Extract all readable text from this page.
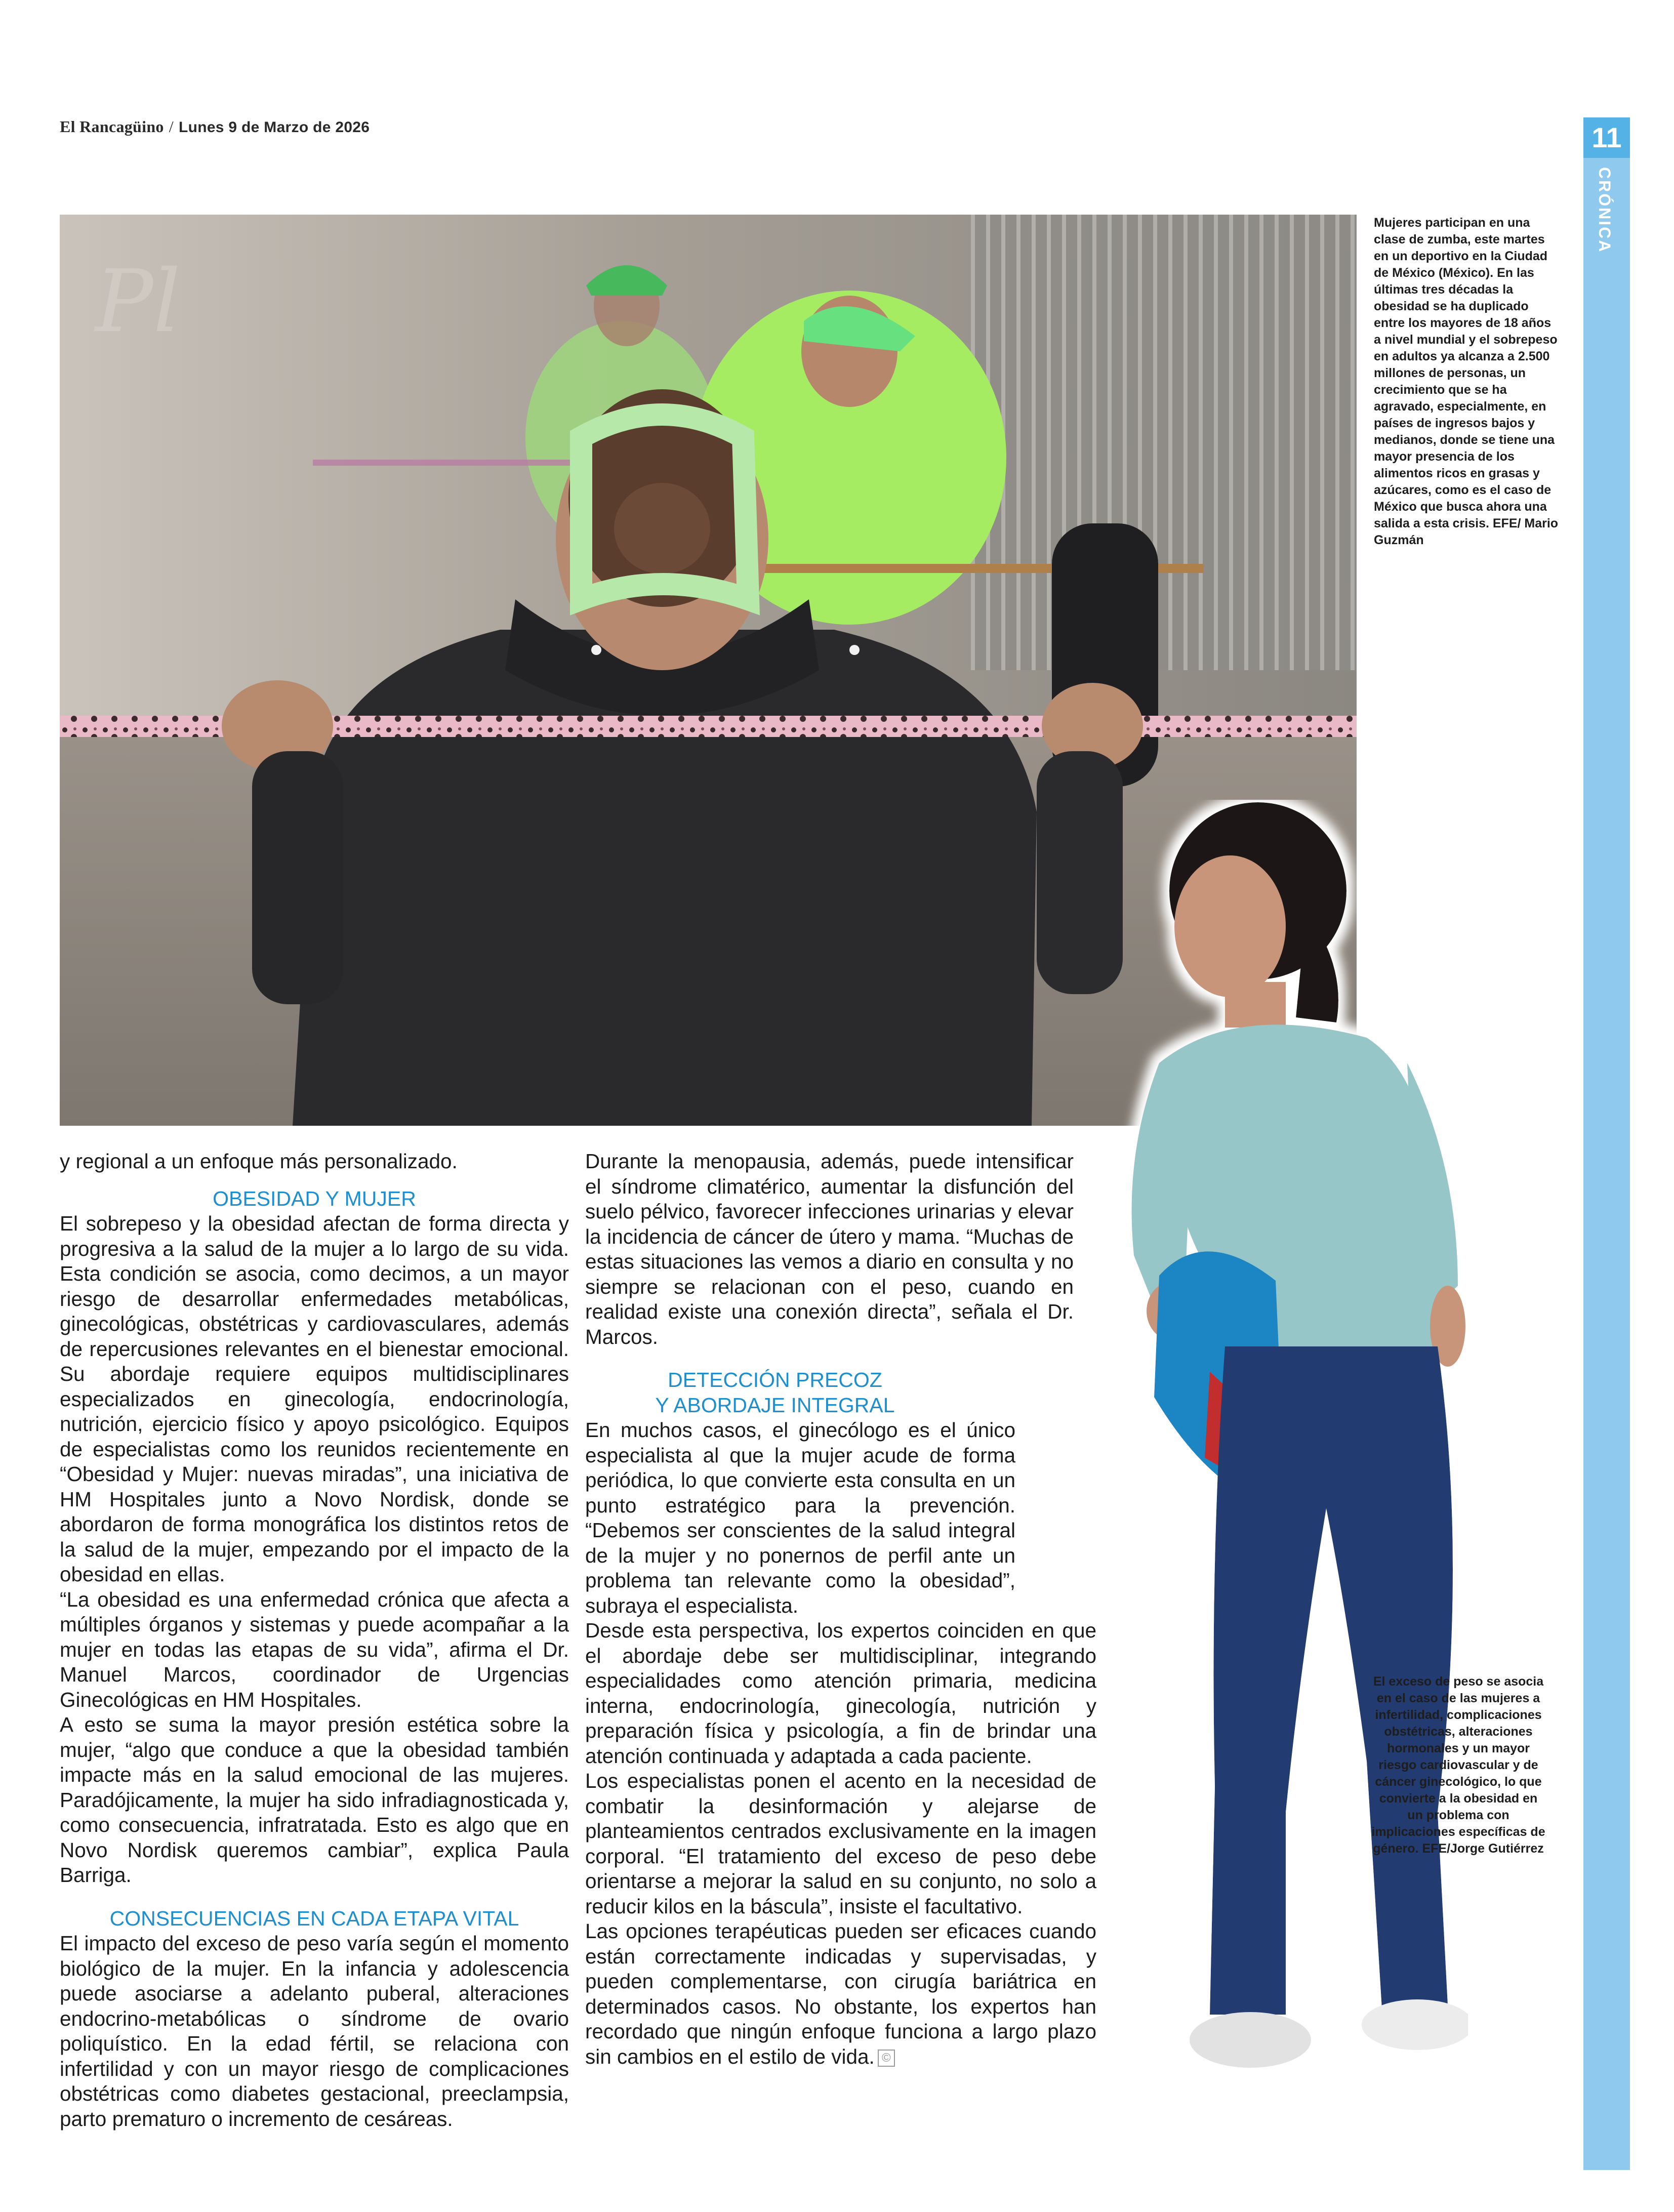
El Rancagüino / Lunes 9 de Marzo de 2026	11
CRÓNICA
Pl
Mujeres participan en una clase de zumba, este martes en un deportivo en la Ciudad de México (México). En las últimas tres décadas la obesidad se ha duplicado entre los mayores de 18 años a nivel mundial y el sobrepeso en adultos ya alcanza a 2.500 millones de personas, un crecimiento que se ha agravado, especialmente, en países de ingresos bajos y medianos, donde se tiene una mayor presencia de los alimentos ricos en grasas y azúcares, como es el caso de México que busca ahora una salida a esta crisis. EFE/ Mario Guzmán
El exceso de peso se asocia en el caso de las mujeres a infertilidad, complicaciones obstétricas, alteraciones hormonales y un mayor riesgo cardiovascular y de cáncer ginecológico, lo que convierte a la obesidad en un problema con implicaciones específicas de género. EFE/Jorge Gutiérrez

y regional a un enfoque más personalizado.

OBESIDAD Y MUJER

El sobrepeso y la obesidad afectan de forma directa y progresiva a la salud de la mujer a lo largo de su vida. Esta condición se asocia, como decimos, a un mayor riesgo de desarrollar enfermedades metabólicas, ginecológicas, obstétricas y cardiovasculares, además de repercusiones relevantes en el bienestar emocional. Su abordaje requiere equipos multidisciplinares especializados en ginecología, endocrinología, nutrición, ejercicio físico y apoyo psicológico. Equipos de especialistas como los reunidos recientemente en “Obesidad y Mujer: nuevas miradas”, una iniciativa de HM Hospitales junto a Novo Nordisk, donde se abordaron de forma monográfica los distintos retos de la salud de la mujer, empezando por el impacto de la obesidad en ellas.

“La obesidad es una enfermedad crónica que afecta a múltiples órganos y sistemas y puede acompañar a la mujer en todas las etapas de su vida”, afirma el Dr. Manuel Marcos, coordinador de Urgencias Ginecológicas en HM Hospitales.

A esto se suma la mayor presión estética sobre la mujer, “algo que conduce a que la obesidad también impacte más en la salud emocional de las mujeres. Paradójicamente, la mujer ha sido infradiagnosticada y, como consecuencia, infratratada. Esto es algo que en Novo Nordisk queremos cambiar”, explica Paula Barriga.

CONSECUENCIAS EN CADA ETAPA VITAL

El impacto del exceso de peso varía según el momento biológico de la mujer. En la infancia y adolescencia puede asociarse a adelanto puberal, alteraciones endocrino-metabólicas o síndrome de ovario poliquístico. En la edad fértil, se relaciona con infertilidad y con un mayor riesgo de complicaciones obstétricas como diabetes gestacional, preeclampsia, parto prematuro o incremento de cesáreas.

Durante la menopausia, además, puede intensificar el síndrome climatérico, aumentar la disfunción del suelo pélvico, favorecer infecciones urinarias y elevar la incidencia de cáncer de útero y mama. “Muchas de estas situaciones las vemos a diario en consulta y no siempre se relacionan con el peso, cuando en realidad existe una conexión directa”, señala el Dr. Marcos.

DETECCIÓN PRECOZ
Y ABORDAJE INTEGRAL

En muchos casos, el ginecólogo es el único especialista al que la mujer acude de forma periódica, lo que convierte esta consulta en un punto estratégico para la prevención. “Debemos ser conscientes de la salud integral de la mujer y no ponernos de perfil ante un problema tan relevante como la obesidad”, subraya el especialista.

Desde esta perspectiva, los expertos coinciden en que el abordaje debe ser multidisciplinar, integrando especialidades como atención primaria, medicina interna, endocrinología, ginecología, nutrición y preparación física y psicología, a fin de brindar una atención continuada y adaptada a cada paciente.

Los especialistas ponen el acento en la necesidad de combatir la desinformación y alejarse de planteamientos centrados exclusivamente en la imagen corporal. “El tratamiento del exceso de peso debe orientarse a mejorar la salud en su conjunto, no solo a reducir kilos en la báscula”, insiste el facultativo.

Las opciones terapéuticas pueden ser eficaces cuando están correctamente indicadas y supervisadas, y pueden complementarse, con cirugía bariátrica en determinados casos. No obstante, los expertos han recordado que ningún enfoque funciona a largo plazo sin cambios en el estilo de vida. ©
